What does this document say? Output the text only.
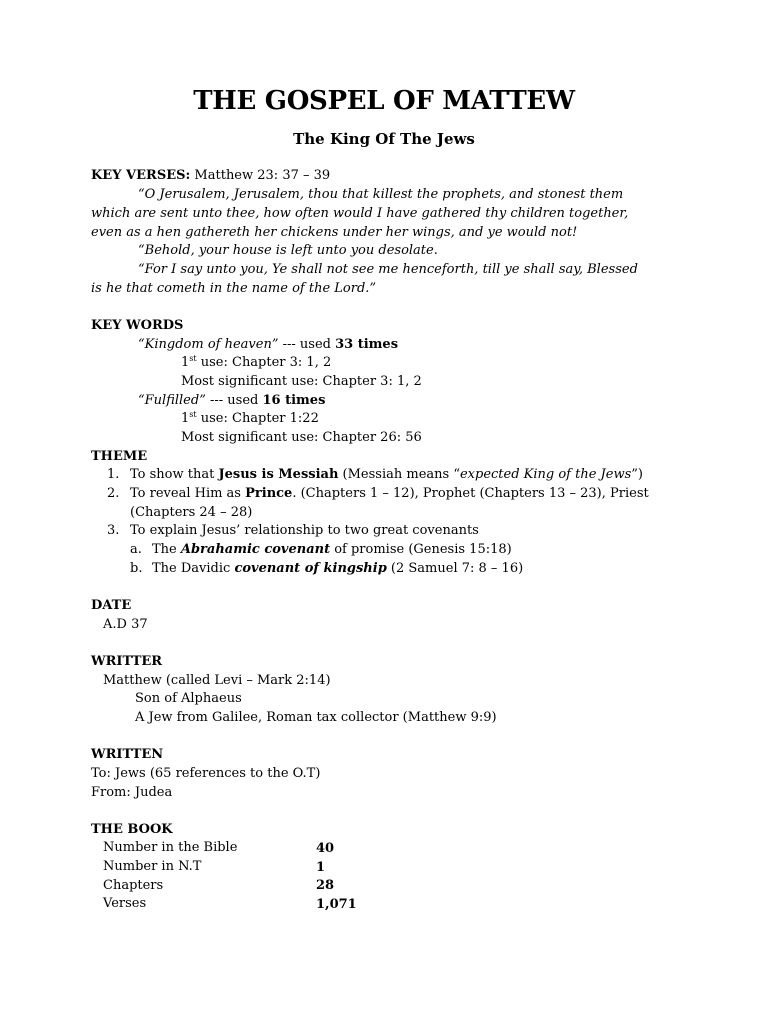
THE GOSPEL OF MATTEW
The King Of The Jews
KEY VERSES: Matthew 23: 37 – 39
“O Jerusalem, Jerusalem, thou that killest the prophets, and stonest them
which are sent unto thee, how often would I have gathered thy children together,
even as a hen gathereth her chickens under her wings, and ye would not!
“Behold, your house is left unto you desolate.
“For I say unto you, Ye shall not see me henceforth, till ye shall say, Blessed
is he that cometh in the name of the Lord.”
KEY WORDS
“Kingdom of heaven” --- used 33 times
1st use: Chapter 3: 1, 2
Most significant use: Chapter 3: 1, 2
“Fulfilled” --- used 16 times
1st use: Chapter 1:22
Most significant use: Chapter 26: 56
THEME
1. To show that Jesus is Messiah (Messiah means “expected King of the Jews”)
2. To reveal Him as Prince. (Chapters 1 – 12), Prophet (Chapters 13 – 23), Priest
(Chapters 24 – 28)
3. To explain Jesus’ relationship to two great covenants
a. The Abrahamic covenant of promise (Genesis 15:18)
b. The Davidic covenant of kingship (2 Samuel 7: 8 – 16)
DATE
A.D 37
WRITTER
Matthew (called Levi – Mark 2:14)
Son of Alphaeus
A Jew from Galilee, Roman tax collector (Matthew 9:9)
WRITTEN
To: Jews (65 references to the O.T)
From: Judea
THE BOOK
Number in the Bible	40
Number in N.T	1
Chapters	28
Verses	1,071
